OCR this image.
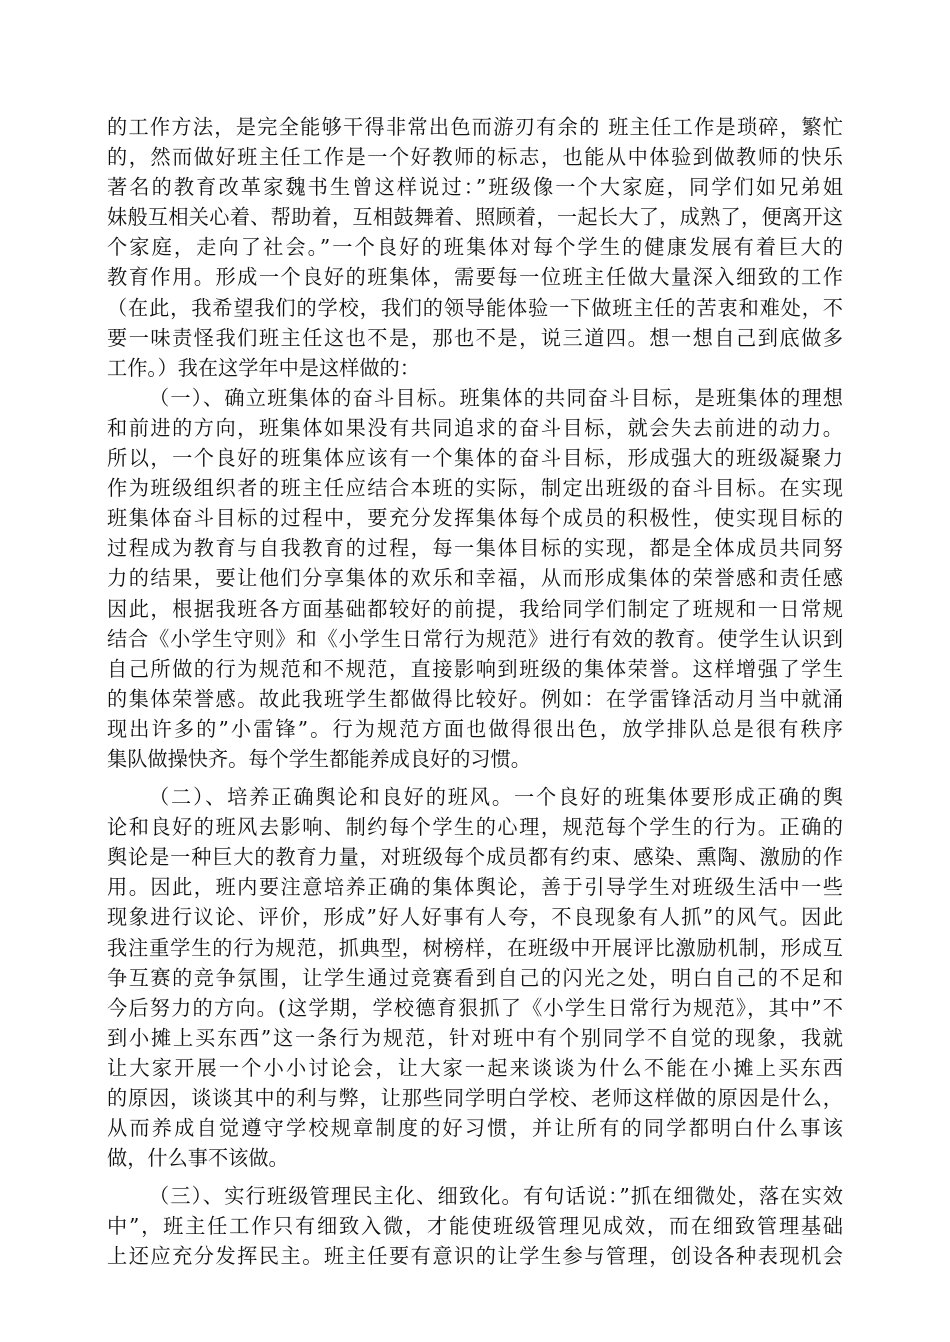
的工作方法，是完全能够干得非常出色而游刃有余的 班主任工作是琐碎，繁忙
的，然而做好班主任工作是一个好教师的标志，也能从中体验到做教师的快乐
著名的教育改革家魏书生曾这样说过：”班级像一个大家庭，同学们如兄弟姐
妹般互相关心着、帮助着，互相鼓舞着、照顾着，一起长大了，成熟了，便离开这
个家庭，走向了社会。”一个良好的班集体对每个学生的健康发展有着巨大的
教育作用。形成一个良好的班集体，需要每一位班主任做大量深入细致的工作
（在此，我希望我们的学校，我们的领导能体验一下做班主任的苦衷和难处，不
要一味责怪我们班主任这也不是，那也不是，说三道四。想一想自己到底做多
工作。）我在这学年中是这样做的：
（一）、确立班集体的奋斗目标。班集体的共同奋斗目标，是班集体的理想
和前进的方向，班集体如果没有共同追求的奋斗目标，就会失去前进的动力。
所以，一个良好的班集体应该有一个集体的奋斗目标，形成强大的班级凝聚力
作为班级组织者的班主任应结合本班的实际，制定出班级的奋斗目标。在实现
班集体奋斗目标的过程中，要充分发挥集体每个成员的积极性，使实现目标的
过程成为教育与自我教育的过程，每一集体目标的实现，都是全体成员共同努
力的结果，要让他们分享集体的欢乐和幸福，从而形成集体的荣誉感和责任感
因此，根据我班各方面基础都较好的前提，我给同学们制定了班规和一日常规
结合《小学生守则》和《小学生日常行为规范》进行有效的教育。使学生认识到
自己所做的行为规范和不规范，直接影响到班级的集体荣誉。这样增强了学生
的集体荣誉感。故此我班学生都做得比较好。例如：在学雷锋活动月当中就涌
现出许多的”小雷锋”。行为规范方面也做得很出色，放学排队总是很有秩序
集队做操快齐。每个学生都能养成良好的习惯。
（二）、培养正确舆论和良好的班风。一个良好的班集体要形成正确的舆
论和良好的班风去影响、制约每个学生的心理，规范每个学生的行为。正确的
舆论是一种巨大的教育力量，对班级每个成员都有约束、感染、熏陶、激励的作
用。因此，班内要注意培养正确的集体舆论，善于引导学生对班级生活中一些
现象进行议论、评价，形成”好人好事有人夸，不良现象有人抓”的风气。因此
我注重学生的行为规范，抓典型，树榜样，在班级中开展评比激励机制，形成互
争互赛的竞争氛围，让学生通过竞赛看到自己的闪光之处，明白自己的不足和
今后努力的方向。(这学期，学校德育狠抓了《小学生日常行为规范》，其中”不
到小摊上买东西”这一条行为规范，针对班中有个别同学不自觉的现象，我就
让大家开展一个小小讨论会，让大家一起来谈谈为什么不能在小摊上买东西
的原因，谈谈其中的利与弊，让那些同学明白学校、老师这样做的原因是什么，
从而养成自觉遵守学校规章制度的好习惯，并让所有的同学都明白什么事该
做，什么事不该做。
（三）、实行班级管理民主化、细致化。有句话说：”抓在细微处，落在实效
中”，班主任工作只有细致入微，才能使班级管理见成效，而在细致管理基础
上还应充分发挥民主。班主任要有意识的让学生参与管理，创设各种表现机会
